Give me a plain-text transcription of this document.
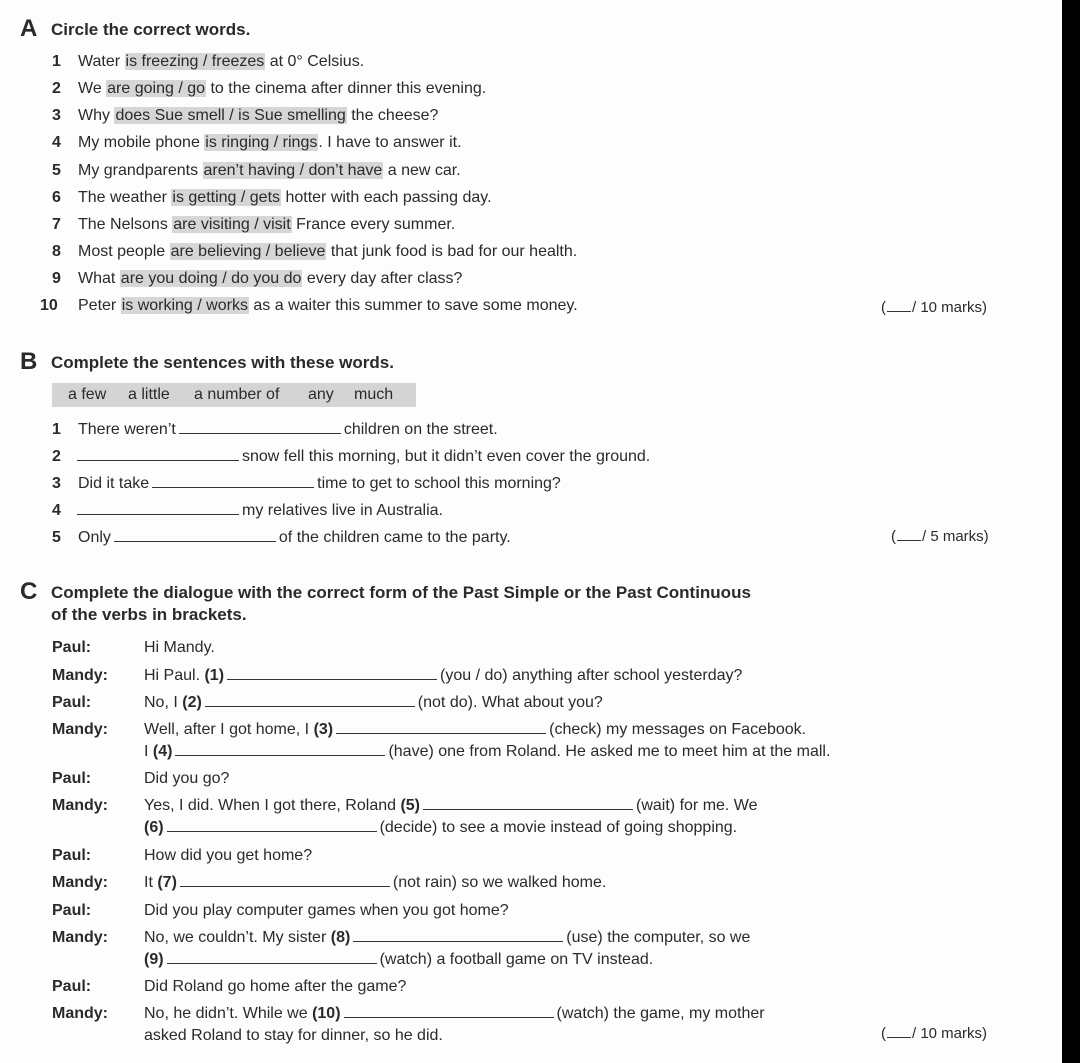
A Circle the correct words.
1 Water is freezing / freezes at 0° Celsius.
2 We are going / go to the cinema after dinner this evening.
3 Why does Sue smell / is Sue smelling the cheese?
4 My mobile phone is ringing / rings. I have to answer it.
5 My grandparents aren’t having / don’t have a new car.
6 The weather is getting / gets hotter with each passing day.
7 The Nelsons are visiting / visit France every summer.
8 Most people are believing / believe that junk food is bad for our health.
9 What are you doing / do you do every day after class?
10 Peter is working / works as a waiter this summer to save some money.	( / 10 marks)
B Complete the sentences with these words.
a few a little a number of any much
1 There weren’t	children on the street.
2	snow fell this morning, but it didn’t even cover the ground.
3 Did it take	time to get to school this morning?
4	my relatives live in Australia.
5 Only	of the children came to the party.	( / 5 marks)
C Complete the dialogue with the correct form of the Past Simple or the Past Continuous
of the verbs in brackets.
Paul:	Hi Mandy.
Mandy: Hi Paul. (1)	(you / do) anything after school yesterday?
Paul:	No, I (2)	(not do). What about you?
Mandy: Well, after I got home, I (3)	(check) my messages on Facebook.
I (4)	(have) one from Roland. He asked me to meet him at the mall.
Paul:	Did you go?
Mandy: Yes, I did. When I got there, Roland (5)	(wait) for me. We
(6)	(decide) to see a movie instead of going shopping.
Paul:	How did you get home?
Mandy: It (7)	(not rain) so we walked home.
Paul:	Did you play computer games when you got home?
Mandy: No, we couldn’t. My sister (8)	(use) the computer, so we
(9)	(watch) a football game on TV instead.
Paul:	Did Roland go home after the game?
Mandy: No, he didn’t. While we (10)	(watch) the game, my mother
asked Roland to stay for dinner, so he did.	( / 10 marks)
